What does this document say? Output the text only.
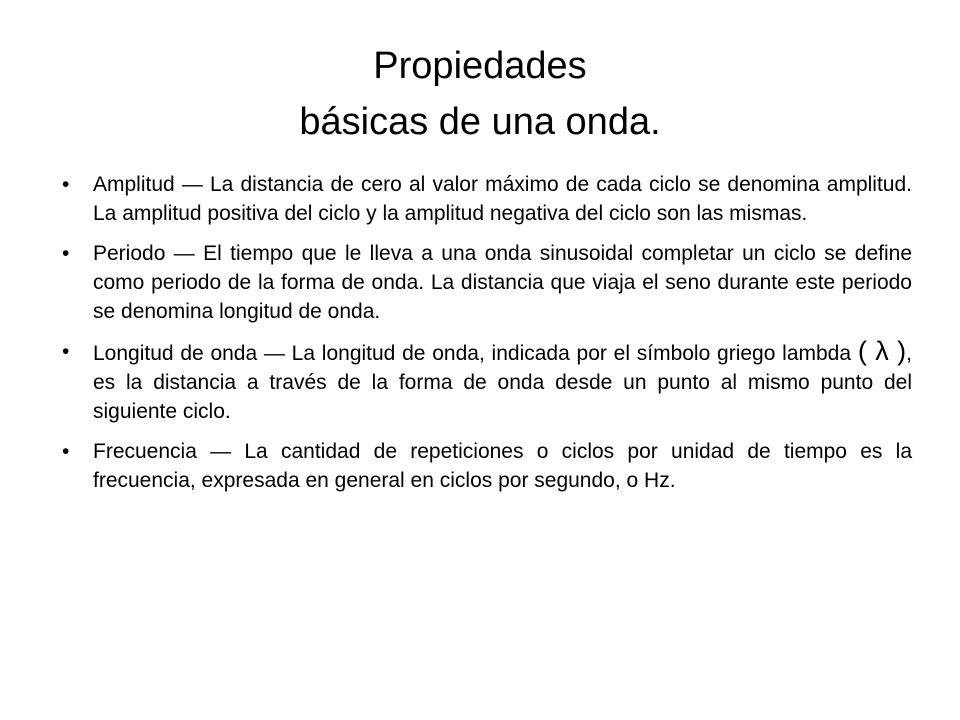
Propiedades
básicas de una onda.
•	Amplitud — La distancia de cero al valor máximo de cada ciclo se denomina amplitud. La amplitud positiva del ciclo y la amplitud negativa del ciclo son las mismas.
•	Periodo — El tiempo que le lleva a una onda sinusoidal completar un ciclo se define como periodo de la forma de onda. La distancia que viaja el seno durante este periodo se denomina longitud de onda.
•	Longitud de onda — La longitud de onda, indicada por el símbolo griego lambda ( λ ), es la distancia a través de la forma de onda desde un punto al mismo punto del siguiente ciclo.
•	Frecuencia — La cantidad de repeticiones o ciclos por unidad de tiempo es la frecuencia, expresada en general en ciclos por segundo, o Hz.
